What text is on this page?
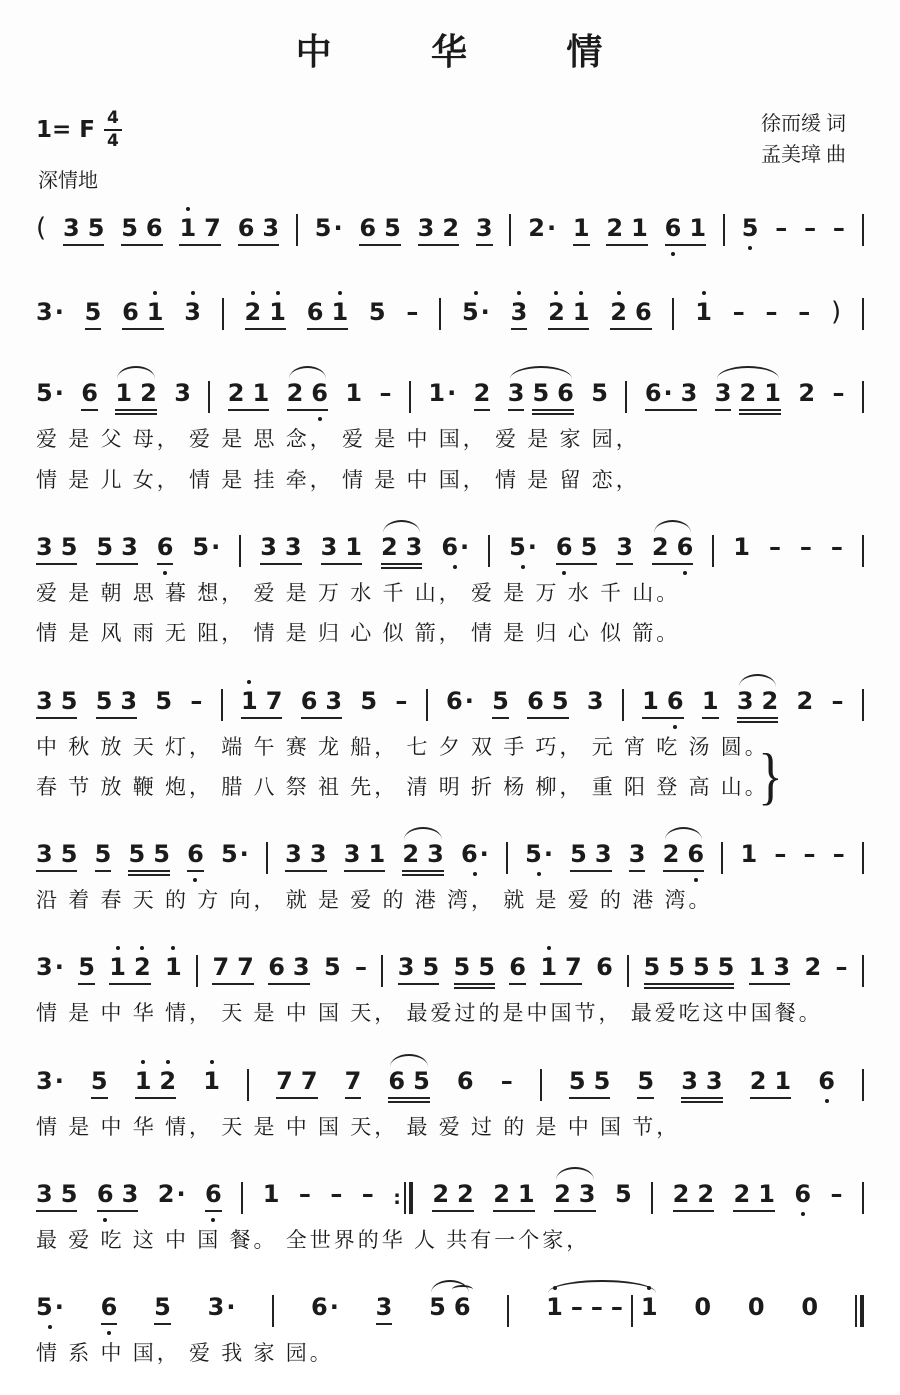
中 华 情
1= F $\frac{4}{4}$
深情地
徐而缓 词
孟美璋 曲
( 3 5 5 6 1 7 6 3 5· 6 5 3 2 3 2· 1 2 1 6 1 5 – – –
3· 5 6 1 3 2 1 6 1 5 – 5· 3 2 1 2 6 1 – – – )
5· 6 1 2 3 2 1 2 6 1 – 1· 2 3 5 6 5 6· 3 3 2 1 2 –
爱 是 父 母， 爱 是 思 念， 爱 是 中 国， 爱 是 家 园，
情 是 儿 女， 情 是 挂 牵， 情 是 中 国， 情 是 留 恋，
3 5 5 3 6 5· 3 3 3 1 2 3 6· 5· 6 5 3 2 6 1 – – –
爱 是 朝 思 暮 想， 爱 是 万 水 千 山， 爱 是 万 水 千 山。
情 是 风 雨 无 阻， 情 是 归 心 似 箭， 情 是 归 心 似 箭。
3 5 5 3 5 – 1 7 6 3 5 – 6· 5 6 5 3 1 6 1 3 2 2 –
中 秋 放 天 灯， 端 午 赛 龙 船， 七 夕 双 手 巧， 元 宵 吃 汤 圆。
春 节 放 鞭 炮， 腊 八 祭 祖 先， 清 明 折 杨 柳， 重 阳 登 高 山。
}
3 5 5 5 5 6 5· 3 3 3 1 2 3 6· 5· 5 3 3 2 6 1 – – –
沿 着 春 天 的 方 向， 就 是 爱 的 港 湾， 就 是 爱 的 港 湾。
3· 5 1 2 1 7 7 6 3 5 – 3 5 5 5 6 1 7 6 5 5 5 5 1 3 2 –
情 是 中 华 情， 天 是 中 国 天， 最爱过的是中国节， 最爱吃这中国餐。
3· 5 1 2 1 7 7 7 6 5 6 – 5 5 5 3 3 2 1 6
情 是 中 华 情， 天 是 中 国 天， 最 爱 过 的 是 中 国 节，
3 5 6 3 2· 6 1 – – – : 2 2 2 1 2 3 5 2 2 2 1 6 –
最 爱 吃 这 中 国 餐。 全世界的华 人 共有一个家，
5· 6 5 3·	6· 3 5 6	1 – – – 1 0 0 0
情 系 中 国， 爱 我 家 园。
